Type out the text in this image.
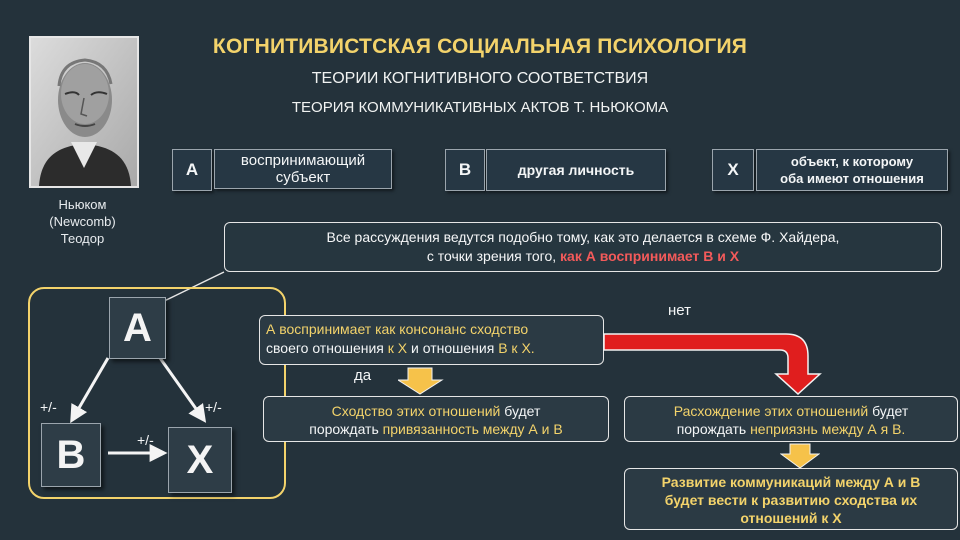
КОГНИТИВИСТСКАЯ СОЦИАЛЬНАЯ ПСИХОЛОГИЯ
ТЕОРИИ КОГНИТИВНОГО СООТВЕТСТВИЯ
ТЕОРИЯ КОММУНИКАТИВНЫХ АКТОВ Т. НЬЮКОМА
Ньюком
(Newcomb)
Теодор
А	воспринимающий субъект	В	другая личность	Х	объект, к которому
оба имеют отношения
Все рассуждения ведутся подобно тому, как это делается в схеме Ф. Хайдера,
с точки зрения того, как А воспринимает В и Х
А
В	Х
+/-	+/-
+/-
А воспринимает как консонанс сходство
своего отношения к Х и отношения В к Х.
нет
да
Сходство этих отношений будет
порождать привязанность между А и В
Расхождение этих отношений будет
порождать неприязнь между А я В.
Развитие коммуникаций между А и В
будет вести к развитию сходства их
отношений к Х
